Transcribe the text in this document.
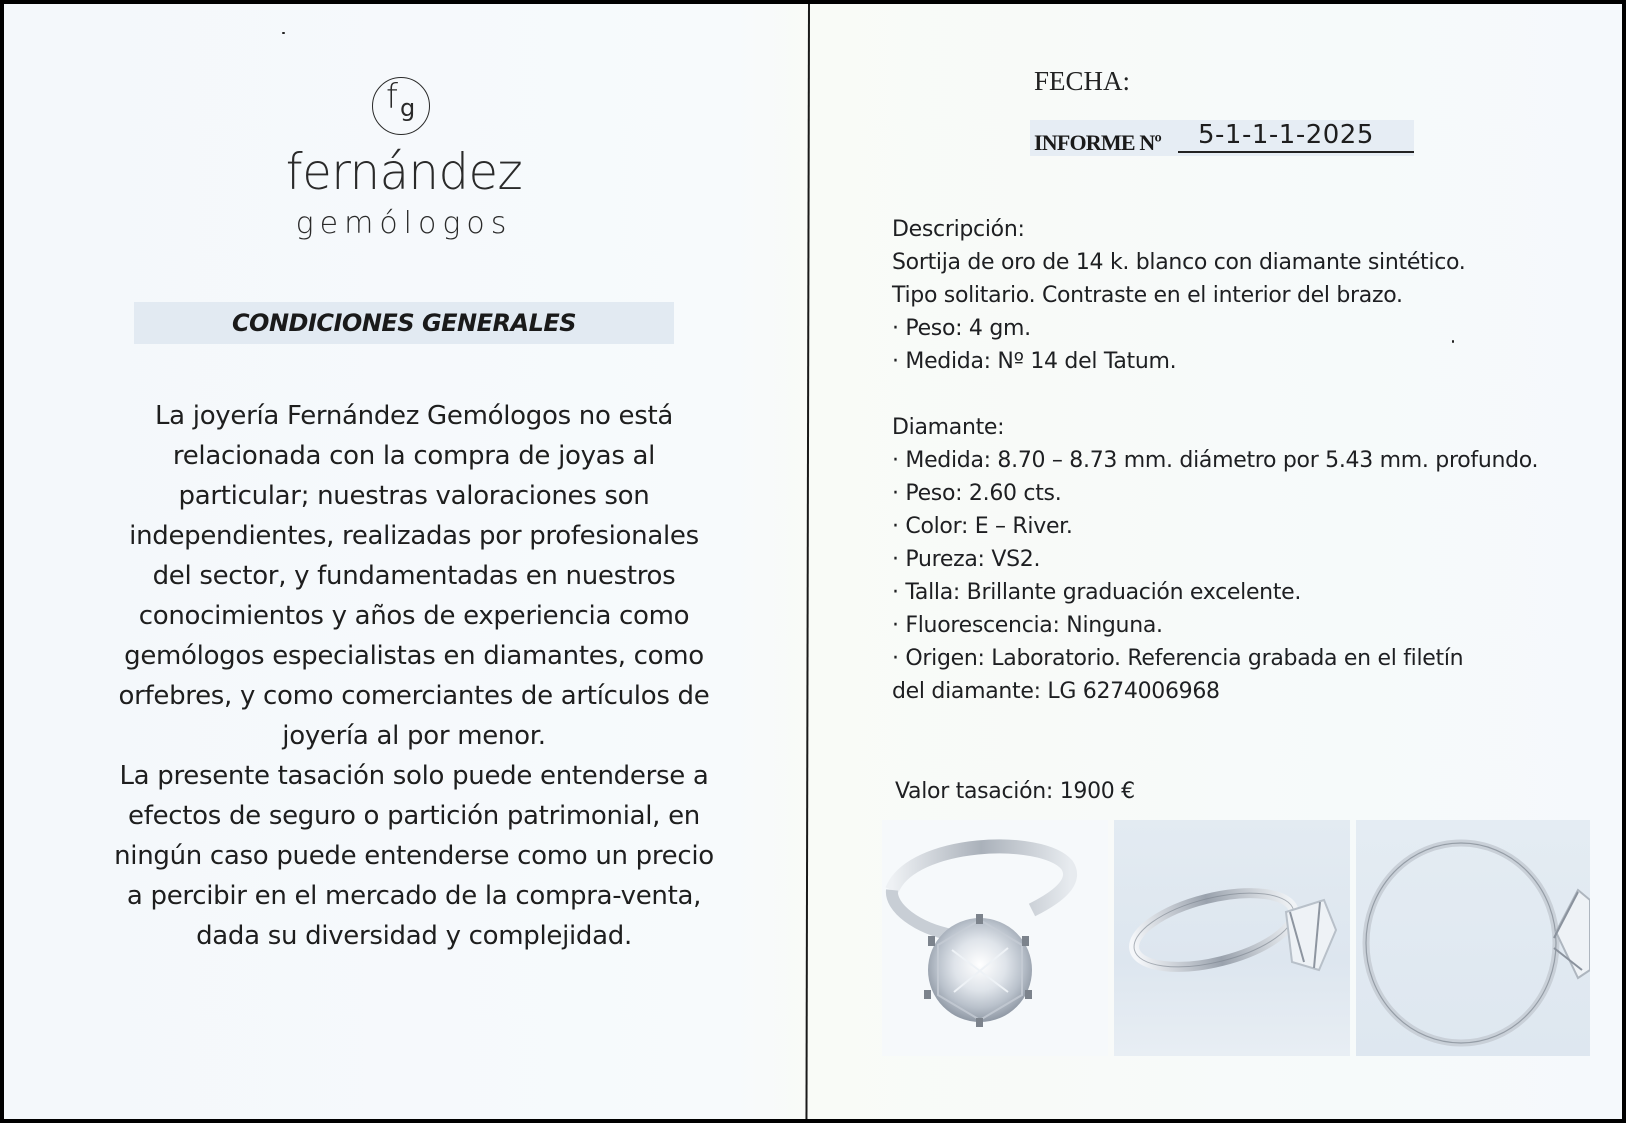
f g
fernández
gemólogos
CONDICIONES GENERALES
La joyería Fernández Gemólogos no está
relacionada con la compra de joyas al
particular; nuestras valoraciones son
independientes, realizadas por profesionales
del sector, y fundamentadas en nuestros
conocimientos y años de experiencia como
gemólogos especialistas en diamantes, como
orfebres, y como comerciantes de artículos de
joyería al por menor.
La presente tasación solo puede entenderse a
efectos de seguro o partición patrimonial, en
ningún caso puede entenderse como un precio
a percibir en el mercado de la compra-venta,
dada su diversidad y complejidad.
FECHA:
INFORME Nº 5-1-1-1-2025
Descripción:
Sortija de oro de 14 k. blanco con diamante sintético.
Tipo solitario. Contraste en el interior del brazo.
· Peso: 4 gm.
· Medida: Nº 14 del Tatum.
Diamante:
· Medida: 8.70 – 8.73 mm. diámetro por 5.43 mm. profundo.
· Peso: 2.60 cts.
· Color: E – River.
· Pureza: VS2.
· Talla: Brillante graduación excelente.
· Fluorescencia: Ninguna.
· Origen: Laboratorio. Referencia grabada en el filetín
del diamante: LG 6274006968
Valor tasación: 1900 €
